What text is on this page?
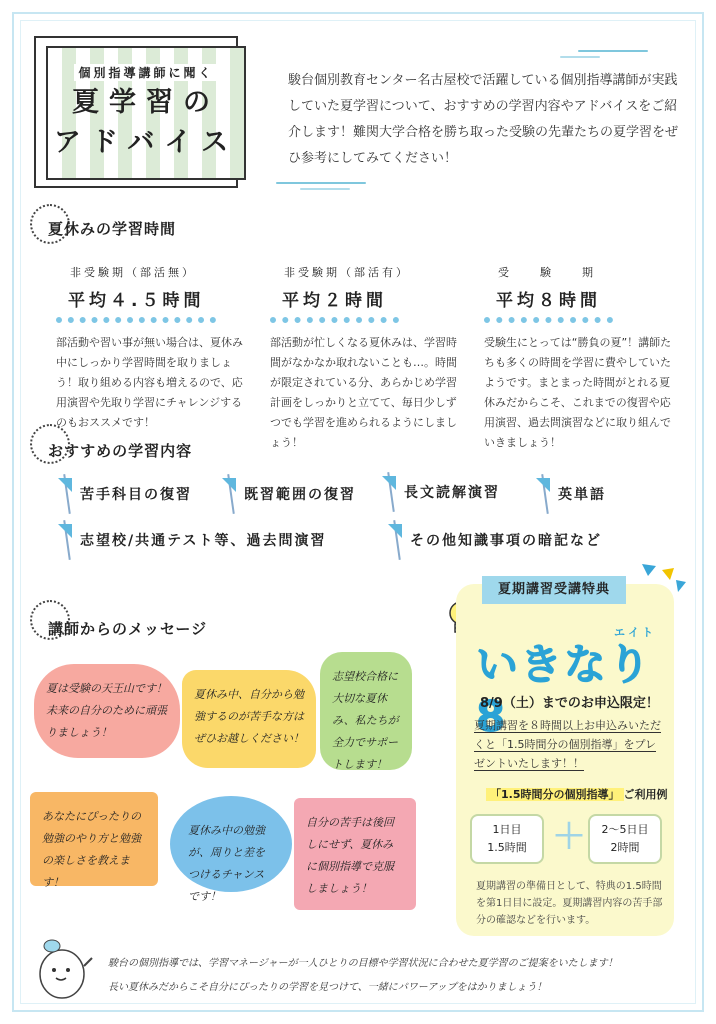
個別指導講師に聞く
夏学習の
アドバイス

駿台個別教育センター名古屋校で活躍している個別指導講師が実践していた夏学習について、おすすめの学習内容やアドバイスをご紹介します！難関大学合格を勝ち取った受験の先輩たちの夏学習をぜひ参考にしてみてください！

夏休みの学習時間
非受験期（部活無）
平均４.５時間

部活動や習い事が無い場合は、夏休み中にしっかり学習時間を取りましょう！取り組める内容も増えるので、応用演習や先取り学習にチャレンジするのもおススメです！

非受験期（部活有）
平均２時間

部活動が忙しくなる夏休みは、学習時間がなかなか取れないことも…。時間が限定されている分、あらかじめ学習計画をしっかりと立てて、毎日少しずつでも学習を進められるようにしましょう！

受　　験　　期
平均８時間

受験生にとっては“勝負の夏”！講師たちも多くの時間を学習に費やしていたようです。まとまった時間がとれる夏休みだからこそ、これまでの復習や応用演習、過去問演習などに取り組んでいきましょう！

おすすめの学習内容
苦手科目の復習	既習範囲の復習	長文読解演習	英単語
志望校/共通テスト等、過去問演習	その他知識事項の暗記など
講師からのメッセージ
夏は受験の天王山です！未来の自分のために頑張りましょう！
夏休み中、自分から勉強するのが苦手な方はぜひお越しください！
志望校合格に大切な夏休み、私たちが全力でサポートします！
あなたにぴったりの勉強のやり方と勉強の楽しさを教えます！
夏休み中の勉強が、周りと差をつけるチャンスです！
自分の苦手は後回しにせず、夏休みに個別指導で克服しましょう！
夏期講習受講特典
エイト
いきなり8
8/9（土）までのお申込限定！

夏期講習を８時間以上お申込みいただくと「1.5時間分の個別指導」をプレゼントいたします！！

「1.5時間分の個別指導」 ご利用例
1日目
1.5時間 ＋	2〜5日目
2時間

夏期講習の準備日として、特典の1.5時間を第1日目に設定。夏期講習内容の苦手部分の確認などを行います。

駿台の個別指導では、学習マネージャーが一人ひとりの目標や学習状況に合わせた夏学習のご提案をいたします！
長い夏休みだからこそ自分にぴったりの学習を見つけて、一緒にパワーアップをはかりましょう！
